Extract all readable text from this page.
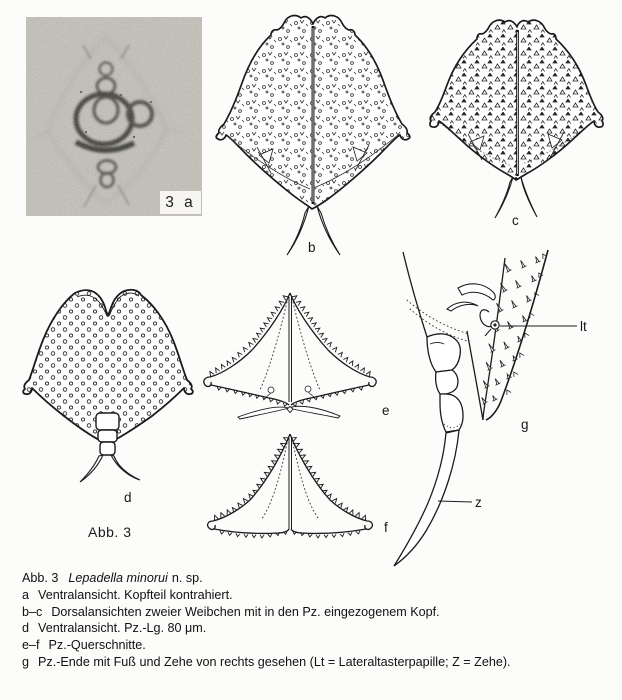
3 a
b
c
d
e
f
lt
g
z
Abb. 3
Abb. 3 Lepadella minorui n. sp.
a Ventralansicht. Kopfteil kontrahiert.
b–c Dorsalansichten zweier Weibchen mit in den Pz. eingezogenem Kopf.
d Ventralansicht. Pz.-Lg. 80 μm.
e–f Pz.-Querschnitte.
g Pz.-Ende mit Fuß und Zehe von rechts gesehen (Lt = Lateraltasterpapille; Z = Zehe).
